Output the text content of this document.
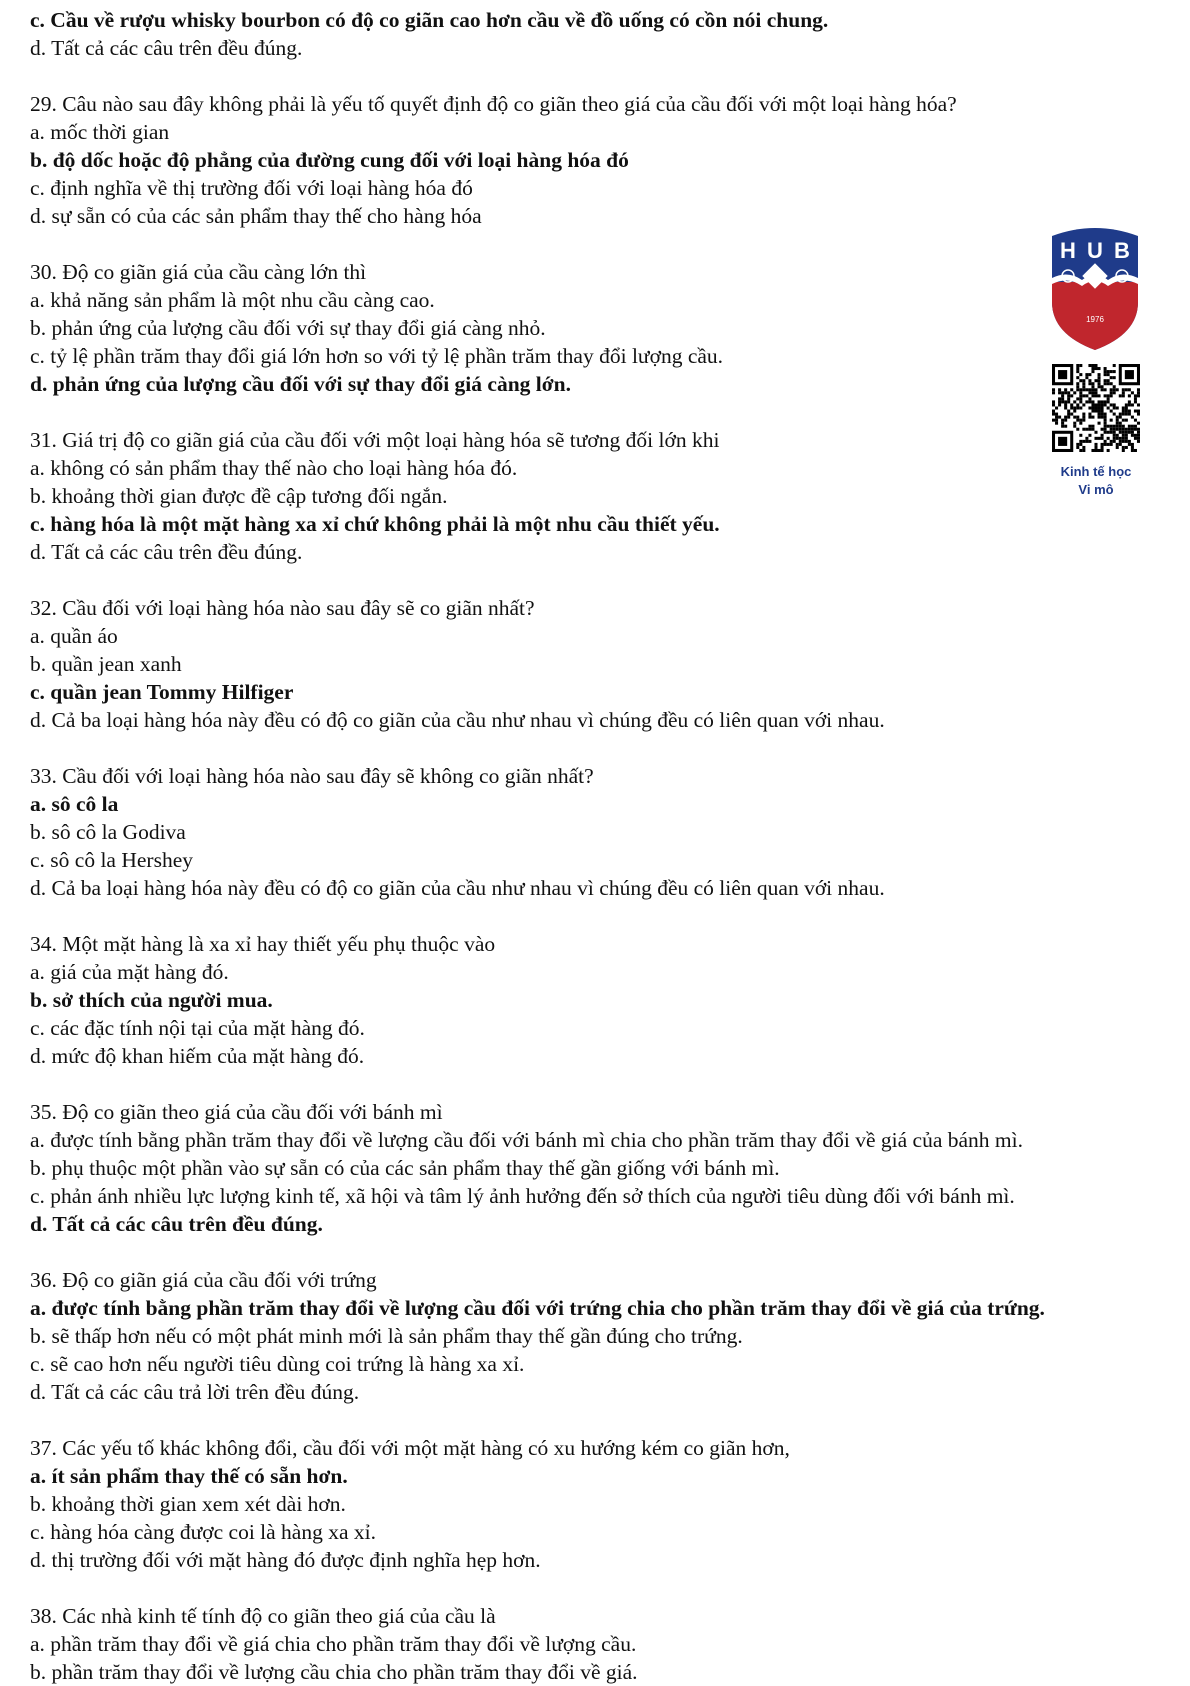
c. Cầu về rượu whisky bourbon có độ co giãn cao hơn cầu về đồ uống có cồn nói chung.
d. Tất cả các câu trên đều đúng.
29. Câu nào sau đây không phải là yếu tố quyết định độ co giãn theo giá của cầu đối với một loại hàng hóa?
a. mốc thời gian
b. độ dốc hoặc độ phẳng của đường cung đối với loại hàng hóa đó
c. định nghĩa về thị trường đối với loại hàng hóa đó
d. sự sẵn có của các sản phẩm thay thế cho hàng hóa
30. Độ co giãn giá của cầu càng lớn thì
a. khả năng sản phẩm là một nhu cầu càng cao.
b. phản ứng của lượng cầu đối với sự thay đổi giá càng nhỏ.
c. tỷ lệ phần trăm thay đổi giá lớn hơn so với tỷ lệ phần trăm thay đổi lượng cầu.
d. phản ứng của lượng cầu đối với sự thay đổi giá càng lớn.
31. Giá trị độ co giãn giá của cầu đối với một loại hàng hóa sẽ tương đối lớn khi
a. không có sản phẩm thay thế nào cho loại hàng hóa đó.
b. khoảng thời gian được đề cập tương đối ngắn.
c. hàng hóa là một mặt hàng xa xỉ chứ không phải là một nhu cầu thiết yếu.
d. Tất cả các câu trên đều đúng.
32. Cầu đối với loại hàng hóa nào sau đây sẽ co giãn nhất?
a. quần áo
b. quần jean xanh
c. quần jean Tommy Hilfiger
d. Cả ba loại hàng hóa này đều có độ co giãn của cầu như nhau vì chúng đều có liên quan với nhau.
33. Cầu đối với loại hàng hóa nào sau đây sẽ không co giãn nhất?
a. sô cô la
b. sô cô la Godiva
c. sô cô la Hershey
d. Cả ba loại hàng hóa này đều có độ co giãn của cầu như nhau vì chúng đều có liên quan với nhau.
34. Một mặt hàng là xa xỉ hay thiết yếu phụ thuộc vào
a. giá của mặt hàng đó.
b. sở thích của người mua.
c. các đặc tính nội tại của mặt hàng đó.
d. mức độ khan hiếm của mặt hàng đó.
35. Độ co giãn theo giá của cầu đối với bánh mì
a. được tính bằng phần trăm thay đổi về lượng cầu đối với bánh mì chia cho phần trăm thay đổi về giá của bánh mì.
b. phụ thuộc một phần vào sự sẵn có của các sản phẩm thay thế gần giống với bánh mì.
c. phản ánh nhiều lực lượng kinh tế, xã hội và tâm lý ảnh hưởng đến sở thích của người tiêu dùng đối với bánh mì.
d. Tất cả các câu trên đều đúng.
36. Độ co giãn giá của cầu đối với trứng
a. được tính bằng phần trăm thay đổi về lượng cầu đối với trứng chia cho phần trăm thay đổi về giá của trứng.
b. sẽ thấp hơn nếu có một phát minh mới là sản phẩm thay thế gần đúng cho trứng.
c. sẽ cao hơn nếu người tiêu dùng coi trứng là hàng xa xỉ.
d. Tất cả các câu trả lời trên đều đúng.
37. Các yếu tố khác không đổi, cầu đối với một mặt hàng có xu hướng kém co giãn hơn,
a. ít sản phẩm thay thế có sẵn hơn.
b. khoảng thời gian xem xét dài hơn.
c. hàng hóa càng được coi là hàng xa xỉ.
d. thị trường đối với mặt hàng đó được định nghĩa hẹp hơn.
38. Các nhà kinh tế tính độ co giãn theo giá của cầu là
a. phần trăm thay đổi về giá chia cho phần trăm thay đổi về lượng cầu.
b. phần trăm thay đổi về lượng cầu chia cho phần trăm thay đổi về giá.
H U B
1976
Kinh tế học
Vi mô
